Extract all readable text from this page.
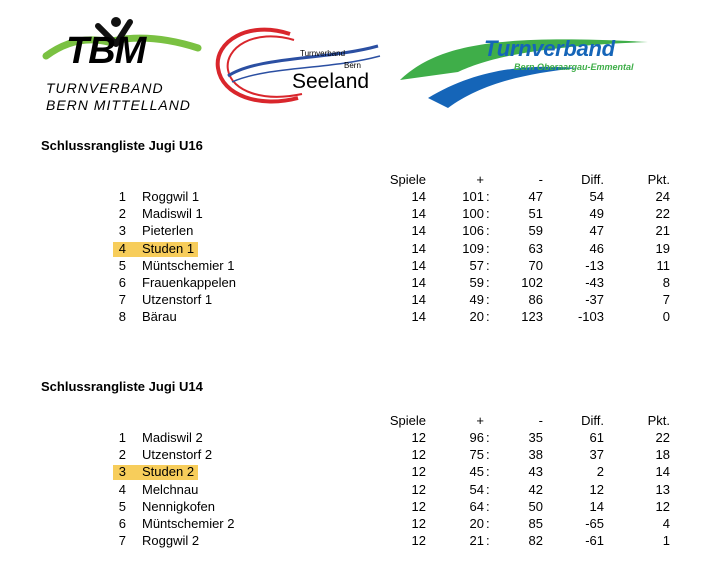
TBM
TURNVERBAND
BERN MITTELLAND
Turnverband
Bern
Seeland
Turnverband
Bern Oberaargau-Emmental
Schlussrangliste Jugi U16
Spiele	+	-	Diff.	Pkt.
1 Roggwil 1	14	101 :	47	54	24
2 Madiswil 1	14	100 :	51	49	22
3 Pieterlen	14	106 :	59	47	21
4 Studen 1	14	109 :	63	46	19
5 Müntschemier 1	14	57 :	70	-13	11
6 Frauenkappelen	14	59 :	102	-43	8
7 Utzenstorf 1	14	49 :	86	-37	7
8 Bärau	14	20 :	123	-103	0
Schlussrangliste Jugi U14
Spiele	+	-	Diff.	Pkt.
1 Madiswil 2	12	96 :	35	61	22
2 Utzenstorf 2	12	75 :	38	37	18
3 Studen 2	12	45 :	43	2	14
4 Melchnau	12	54 :	42	12	13
5 Nennigkofen	12	64 :	50	14	12
6 Müntschemier 2	12	20 :	85	-65	4
7 Roggwil 2	12	21 :	82	-61	1
